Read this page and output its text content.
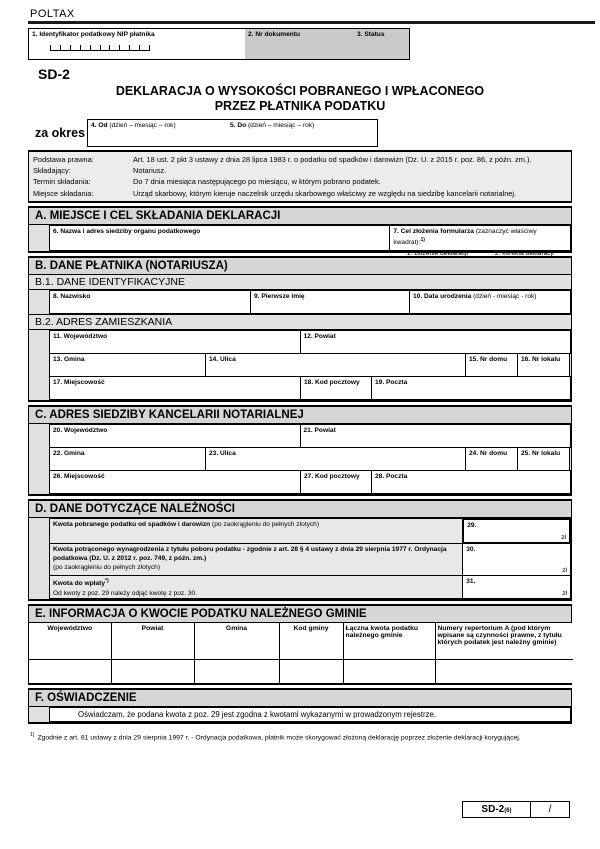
POLTAX
1. Identyfikator podatkowy NIP płatnika	2. Nr dokumentu	3. Status
SD-2
DEKLARACJA O WYSOKOŚCI POBRANEGO I WPŁACONEGO
PRZEZ PŁATNIKA PODATKU
za okres
4. Od (dzień – miesiąc – rok)	5. Do (dzień – miesiąc – rok)
Podstawa prawna:	Art. 18 ust. 2 pkt 3 ustawy z dnia 28 lipca 1983 r. o podatku od spadków i darowizn (Dz. U. z 2015 r. poz. 86, z późn. zm.).
Składający:	Notariusz.
Termin składania:	Do 7 dnia miesiąca następującego po miesiącu, w którym pobrano podatek.
Miejsce składania:	Urząd skarbowy, którym kieruje naczelnik urzędu skarbowego właściwy ze względu na siedzibę kancelarii notarialnej.
A. MIEJSCE I CEL SKŁADANIA DEKLARACJI
6. Nazwa i adres siedziby organu podatkowego	7. Cel złożenia formularza (zaznaczyć właściwy kwadrat):$^{1)}$
1. złożenie deklaracji	2. korekta deklaracji
B. DANE PŁATNIKA (NOTARIUSZA)
B.1. DANE IDENTYFIKACYJNE
8. Nazwisko	9. Pierwsze imię	10. Data urodzenia (dzień - miesiąc - rok)
B.2. ADRES ZAMIESZKANIA
11. Województwo	12. Powiat
13. Gmina	14. Ulica	15. Nr domu	16. Nr lokalu
17. Miejscowość	18. Kod pocztowy	19. Poczta
C. ADRES SIEDZIBY KANCELARII NOTARIALNEJ
20. Województwo	21. Powiat
22. Gmina	23. Ulica	24. Nr domu	25. Nr lokalu
26. Miejscowość	27. Kod pocztowy	28. Poczta
D. DANE DOTYCZĄCE NALEŻNOŚCI
Kwota pobranego podatku od spadków i darowizn (po zaokrągleniu do pełnych złotych)	29.
zł
Kwota potrąconego wynagrodzenia z tytułu poboru podatku - zgodnie z art. 28 § 4 ustawy z dnia 29 sierpnia 1977 r. Ordynacja podatkowa (Dz. U. z 2012 r. poz. 749, z późn. zm.)
(po zaokrągleniu do pełnych złotych)
30.
zł
Kwota do wpłaty*)
Od kwoty z poz. 29 należy odjąć kwotę z poz. 30.
31.
zł
E. INFORMACJA O KWOCIE PODATKU NALEŻNEGO GMINIE
Województwo	Powiat	Gmina	Kod gminy	Łączna kwota podatku należnego gminie	Numery repertorium A (pod którym wpisane są czynności prawne, z tytułu których podatek jest należny gminie)

F. OŚWIADCZENIE
Oświadczam, że podana kwota z poz. 29 jest zgodna z kwotami wykazanymi w prowadzonym rejestrze.
$^{1)}$ Zgodnie z art. 81 ustawy z dnia 29 sierpnia 1997 r. - Ordynacja podatkowa, płatnik może skorygować złożoną deklarację poprzez złożenie deklaracji korygującej.
SD-2(6)	/
